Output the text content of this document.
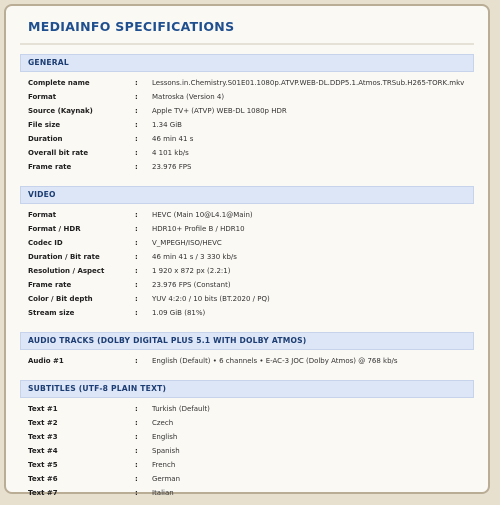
MEDIAINFO SPECIFICATIONS
GENERAL
Complete name	:	Lessons.in.Chemistry.S01E01.1080p.ATVP.WEB-DL.DDP5.1.Atmos.TRSub.H265-TORK.mkv
Format	:	Matroska (Version 4)
Source (Kaynak)	:	Apple TV+ (ATVP) WEB-DL 1080p HDR
File size	:	1.34 GiB
Duration	:	46 min 41 s
Overall bit rate	:	4 101 kb/s
Frame rate	:	23.976 FPS
VIDEO
Format	:	HEVC (Main 10@L4.1@Main)
Format / HDR	:	HDR10+ Profile B / HDR10
Codec ID	:	V_MPEGH/ISO/HEVC
Duration / Bit rate	:	46 min 41 s / 3 330 kb/s
Resolution / Aspect	:	1 920 x 872 px (2.2:1)
Frame rate	:	23.976 FPS (Constant)
Color / Bit depth	:	YUV 4:2:0 / 10 bits (BT.2020 / PQ)
Stream size	:	1.09 GiB (81%)
AUDIO TRACKS (DOLBY DIGITAL PLUS 5.1 WITH DOLBY ATMOS)
Audio #1	:	English (Default) • 6 channels • E-AC-3 JOC (Dolby Atmos) @ 768 kb/s
SUBTITLES (UTF-8 PLAIN TEXT)
Text #1	:	Turkish (Default)
Text #2	:	Czech
Text #3	:	English
Text #4	:	Spanish
Text #5	:	French
Text #6	:	German
Text #7	:	Italian
